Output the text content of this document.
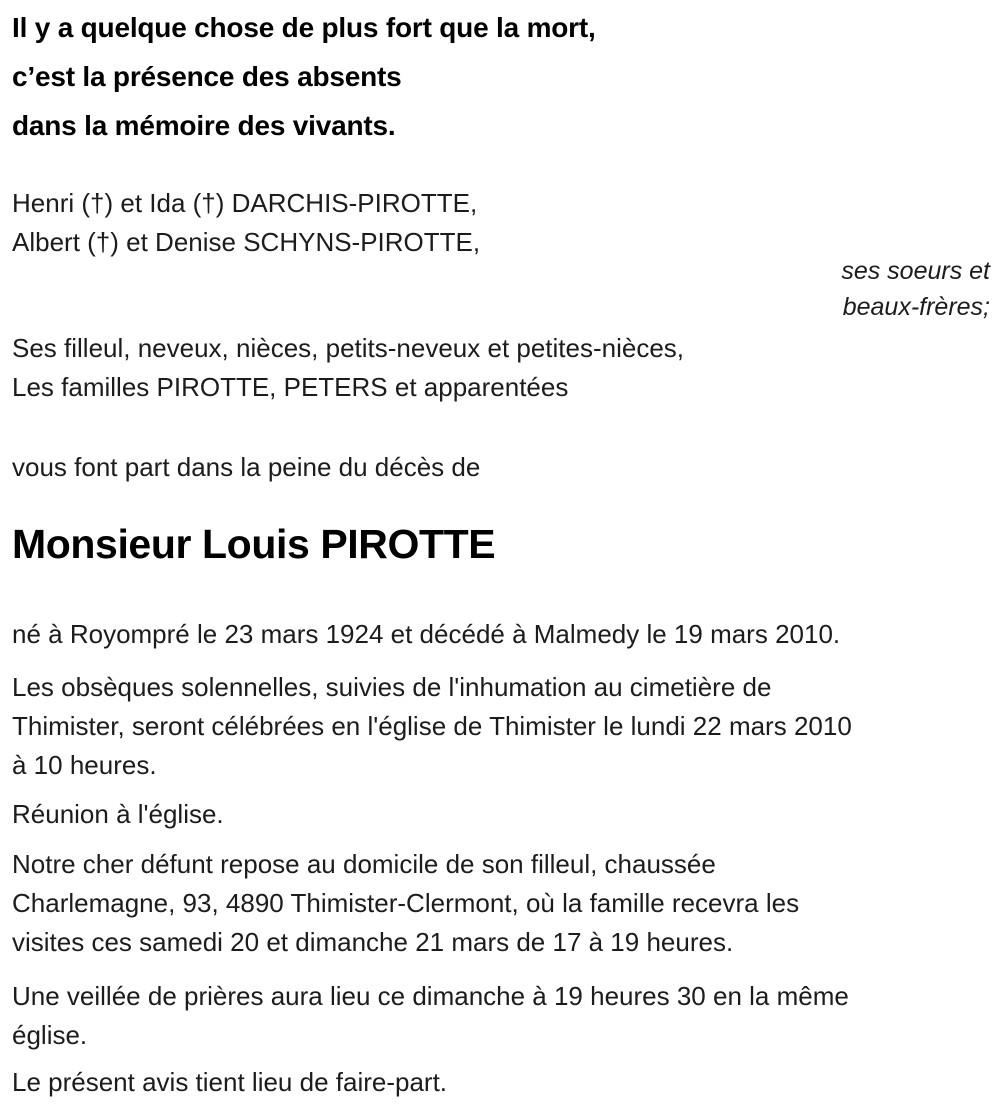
Il y a quelque chose de plus fort que la mort,
c’est la présence des absents
dans la mémoire des vivants.
Henri (†) et Ida (†) DARCHIS-PIROTTE,
Albert (†) et Denise SCHYNS-PIROTTE,
ses soeurs et
beaux-frères;
Ses filleul, neveux, nièces, petits-neveux et petites-nièces,
Les familles PIROTTE, PETERS et apparentées
vous font part dans la peine du décès de
Monsieur Louis PIROTTE
né à Royompré le 23 mars 1924 et décédé à Malmedy le 19 mars 2010.
Les obsèques solennelles, suivies de l'inhumation au cimetière de
Thimister, seront célébrées en l'église de Thimister le lundi 22 mars 2010
à 10 heures.
Réunion à l'église.
Notre cher défunt repose au domicile de son filleul, chaussée
Charlemagne, 93, 4890 Thimister-Clermont, où la famille recevra les
visites ces samedi 20 et dimanche 21 mars de 17 à 19 heures.
Une veillée de prières aura lieu ce dimanche à 19 heures 30 en la même
église.
Le présent avis tient lieu de faire-part.
